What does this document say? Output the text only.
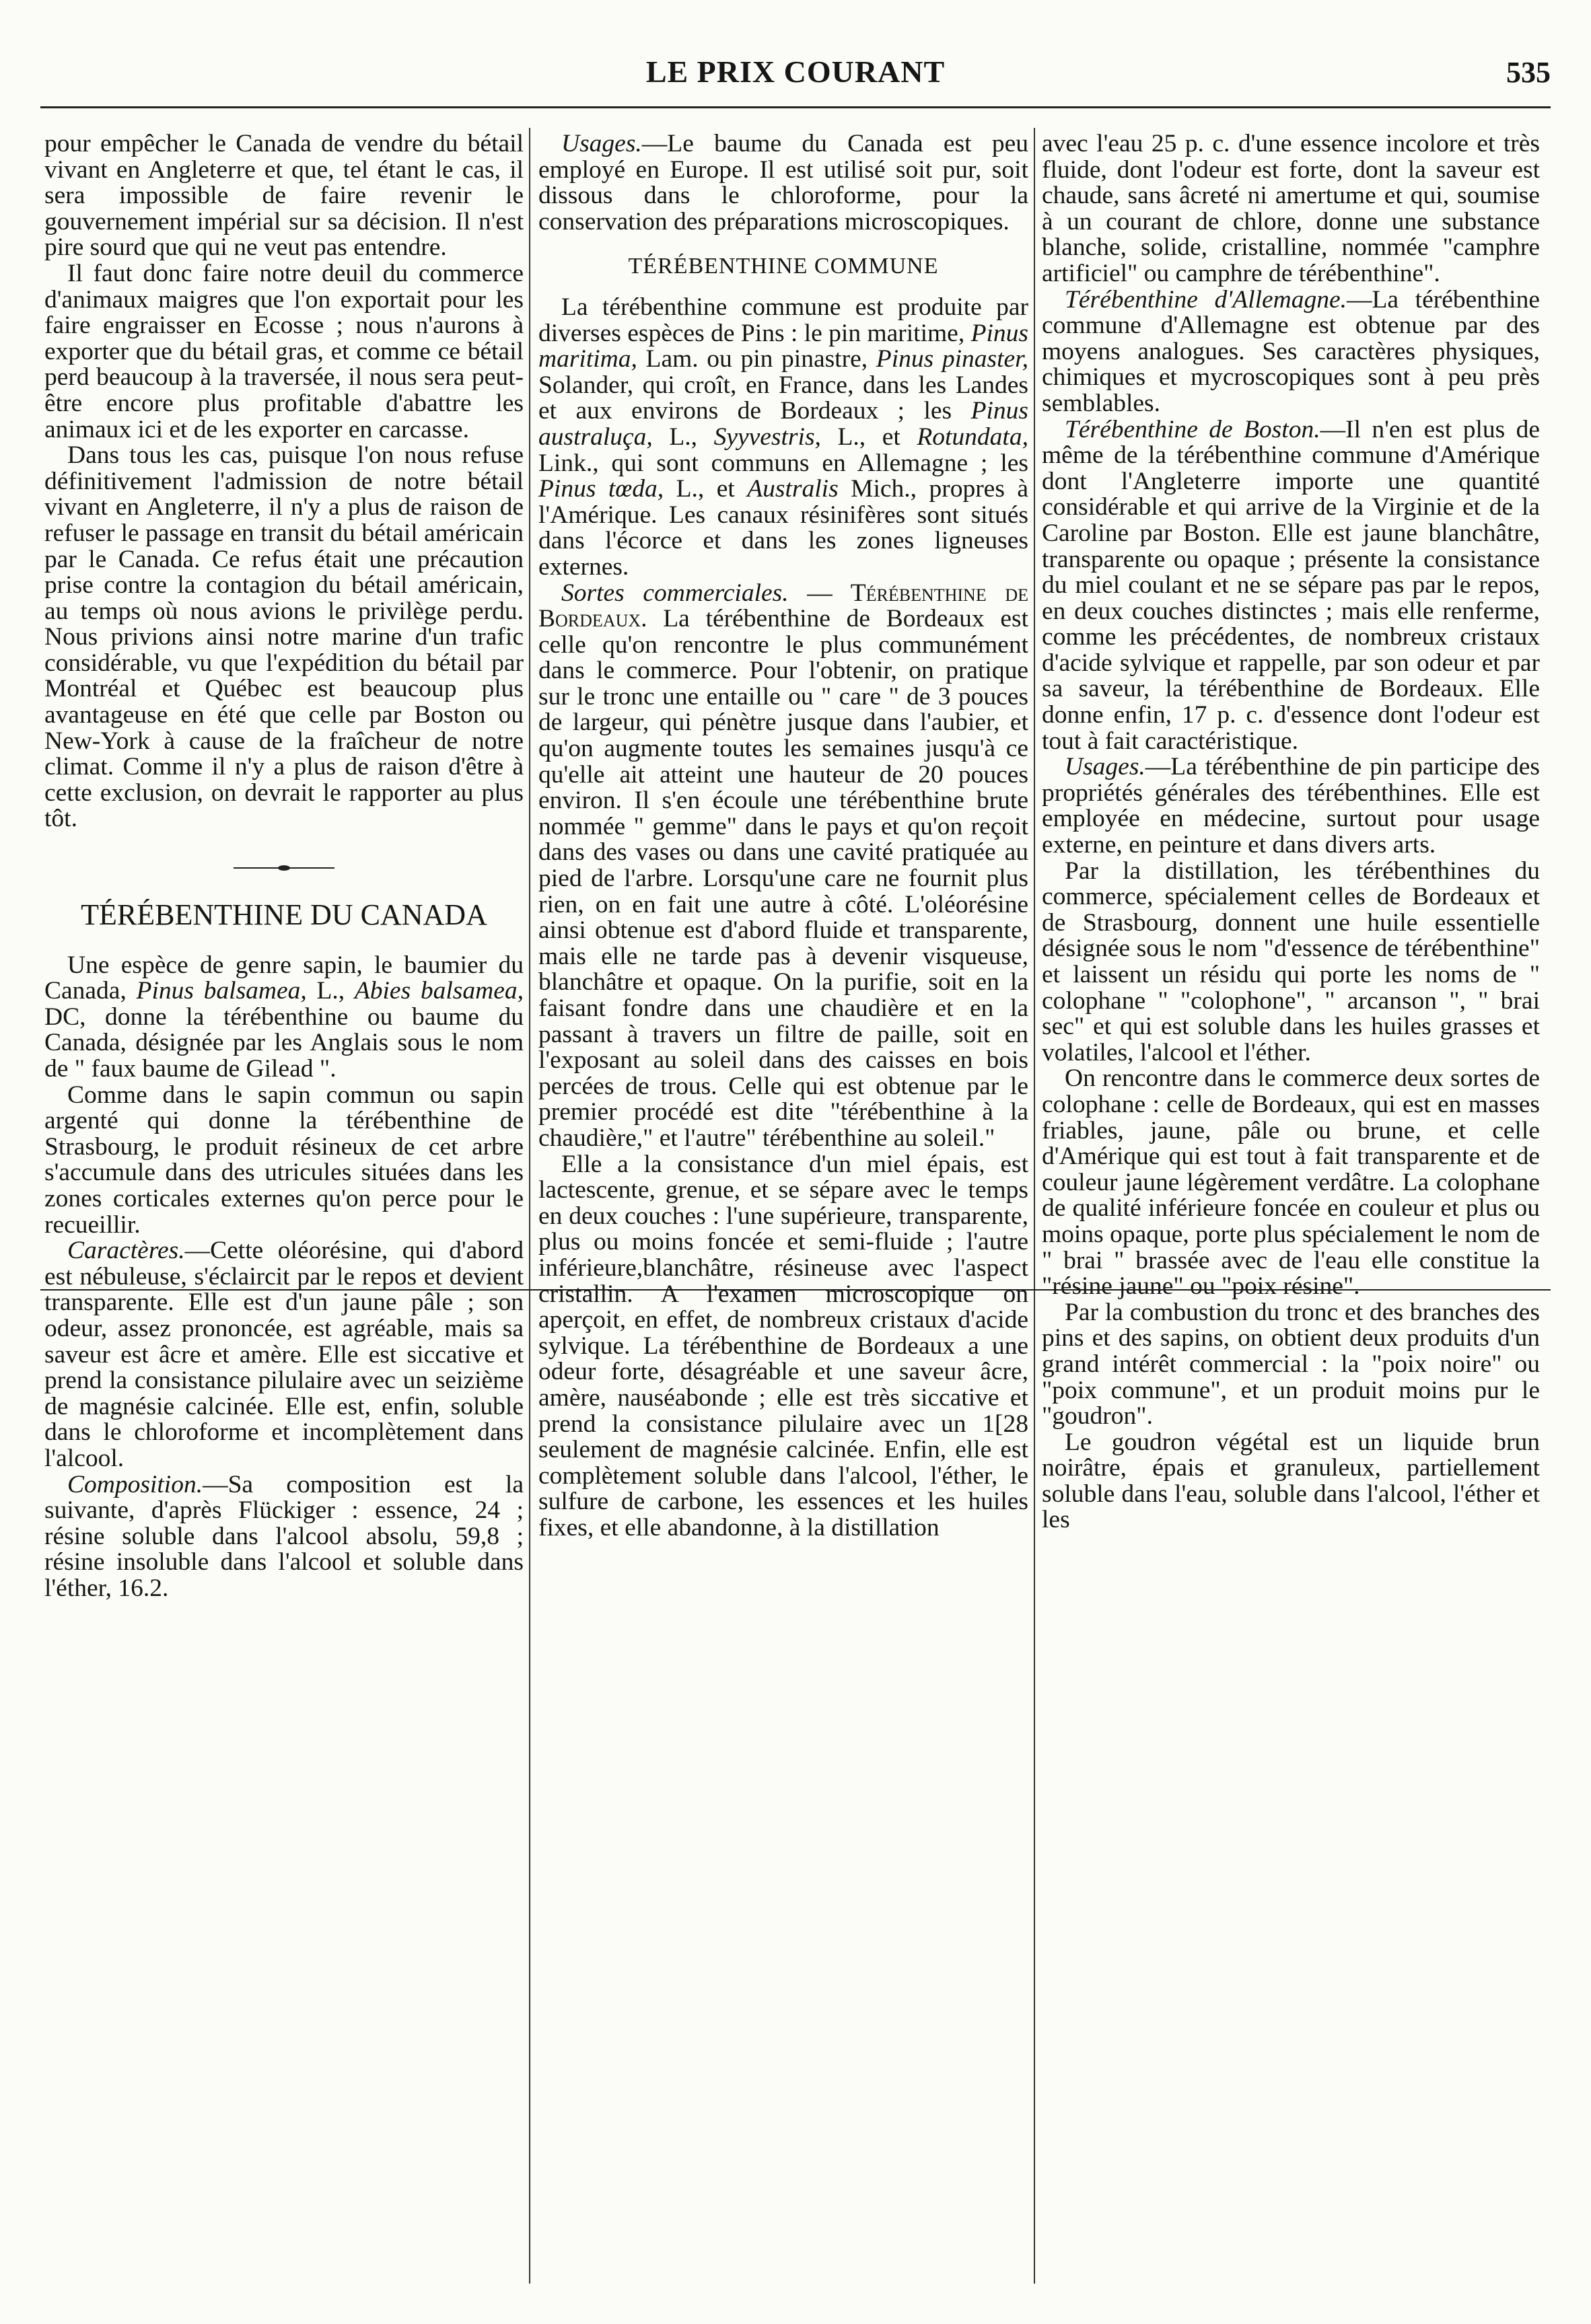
LE PRIX COURANT	535

pour empêcher le Canada de vendre du bétail vivant en Angleterre et que, tel étant le cas, il sera impossible de faire revenir le gouvernement impérial sur sa décision. Il n'est pire sourd que qui ne veut pas entendre.

Il faut donc faire notre deuil du commerce d'animaux maigres que l'on exportait pour les faire engraisser en Ecosse ; nous n'aurons à exporter que du bétail gras, et comme ce bétail perd beaucoup à la traversée, il nous sera peut-être encore plus profitable d'abattre les animaux ici et de les exporter en carcasse.

Dans tous les cas, puisque l'on nous refuse définitivement l'admission de notre bétail vivant en Angleterre, il n'y a plus de raison de refuser le passage en transit du bétail américain par le Canada. Ce refus était une précaution prise contre la contagion du bétail américain, au temps où nous avions le privilège perdu. Nous privions ainsi notre marine d'un trafic considérable, vu que l'expédition du bétail par Montréal et Québec est beaucoup plus avantageuse en été que celle par Boston ou New-York à cause de la fraîcheur de notre climat. Comme il n'y a plus de raison d'être à cette exclusion, on devrait le rapporter au plus tôt.

TÉRÉBENTHINE DU CANADA

Une espèce de genre sapin, le baumier du Canada, Pinus balsamea, L., Abies balsamea, DC, donne la térébenthine ou baume du Canada, désignée par les Anglais sous le nom de " faux baume de Gilead ".

Comme dans le sapin commun ou sapin argenté qui donne la térébenthine de Strasbourg, le produit résineux de cet arbre s'accumule dans des utricules situées dans les zones corticales externes qu'on perce pour le recueillir.

Caractères.—Cette oléorésine, qui d'abord est nébuleuse, s'éclaircit par le repos et devient transparente. Elle est d'un jaune pâle ; son odeur, assez prononcée, est agréable, mais sa saveur est âcre et amère. Elle est siccative et prend la consistance pilulaire avec un seizième de magnésie calcinée. Elle est, enfin, soluble dans le chloroforme et incomplètement dans l'alcool.

Composition.—Sa composition est la suivante, d'après Flückiger : essence, 24 ; résine soluble dans l'alcool absolu, 59,8 ; résine insoluble dans l'alcool et soluble dans l'éther, 16.2.

Usages.—Le baume du Canada est peu employé en Europe. Il est utilisé soit pur, soit dissous dans le chloroforme, pour la conservation des préparations microscopiques.

TÉRÉBENTHINE COMMUNE

La térébenthine commune est produite par diverses espèces de Pins : le pin maritime, Pinus maritima, Lam. ou pin pinastre, Pinus pinaster, Solander, qui croît, en France, dans les Landes et aux environs de Bordeaux ; les Pinus australuça, L., Syyvestris, L., et Rotundata, Link., qui sont communs en Allemagne ; les Pinus tœda, L., et Australis Mich., propres à l'Amérique. Les canaux résinifères sont situés dans l'écorce et dans les zones ligneuses externes.

Sortes commerciales. — Térébenthine de Bordeaux. La térébenthine de Bordeaux est celle qu'on rencontre le plus communément dans le commerce. Pour l'obtenir, on pratique sur le tronc une entaille ou " care " de 3 pouces de largeur, qui pénètre jusque dans l'aubier, et qu'on augmente toutes les semaines jusqu'à ce qu'elle ait atteint une hauteur de 20 pouces environ. Il s'en écoule une térébenthine brute nommée " gemme" dans le pays et qu'on reçoit dans des vases ou dans une cavité pratiquée au pied de l'arbre. Lorsqu'une care ne fournit plus rien, on en fait une autre à côté. L'oléorésine ainsi obtenue est d'abord fluide et transparente, mais elle ne tarde pas à devenir visqueuse, blanchâtre et opaque. On la purifie, soit en la faisant fondre dans une chaudière et en la passant à travers un filtre de paille, soit en l'exposant au soleil dans des caisses en bois percées de trous. Celle qui est obtenue par le premier procédé est dite "térébenthine à la chaudière," et l'autre" térébenthine au soleil."

Elle a la consistance d'un miel épais, est lactescente, grenue, et se sépare avec le temps en deux couches : l'une supérieure, transparente, plus ou moins foncée et semi-fluide ; l'autre inférieure,blanchâtre, résineuse avec l'aspect cristallin. A l'examen microscopique on aperçoit, en effet, de nombreux cristaux d'acide sylvique. La térébenthine de Bordeaux a une odeur forte, désagréable et une saveur âcre, amère, nauséabonde ; elle est très siccative et prend la consistance pilulaire avec un 1[28 seulement de magnésie calcinée. Enfin, elle est complètement soluble dans l'alcool, l'éther, le sulfure de carbone, les essences et les huiles fixes, et elle abandonne, à la distillation

avec l'eau 25 p. c. d'une essence incolore et très fluide, dont l'odeur est forte, dont la saveur est chaude, sans âcreté ni amertume et qui, soumise à un courant de chlore, donne une substance blanche, solide, cristalline, nommée "camphre artificiel" ou camphre de térébenthine".

Térébenthine d'Allemagne.—La térébenthine commune d'Allemagne est obtenue par des moyens analogues. Ses caractères physiques, chimiques et mycroscopiques sont à peu près semblables.

Térébenthine de Boston.—Il n'en est plus de même de la térébenthine commune d'Amérique dont l'Angleterre importe une quantité considérable et qui arrive de la Virginie et de la Caroline par Boston. Elle est jaune blanchâtre, transparente ou opaque ; présente la consistance du miel coulant et ne se sépare pas par le repos, en deux couches distinctes ; mais elle renferme, comme les précédentes, de nombreux cristaux d'acide sylvique et rappelle, par son odeur et par sa saveur, la térébenthine de Bordeaux. Elle donne enfin, 17 p. c. d'essence dont l'odeur est tout à fait caractéristique.

Usages.—La térébenthine de pin participe des propriétés générales des térébenthines. Elle est employée en médecine, surtout pour usage externe, en peinture et dans divers arts.

Par la distillation, les térébenthines du commerce, spécialement celles de Bordeaux et de Strasbourg, donnent une huile essentielle désignée sous le nom "d'essence de térébenthine" et laissent un résidu qui porte les noms de " colophane " "colophone", " arcanson ", " brai sec" et qui est soluble dans les huiles grasses et volatiles, l'alcool et l'éther.

On rencontre dans le commerce deux sortes de colophane : celle de Bordeaux, qui est en masses friables, jaune, pâle ou brune, et celle d'Amérique qui est tout à fait transparente et de couleur jaune légèrement verdâtre. La colophane de qualité inférieure foncée en couleur et plus ou moins opaque, porte plus spécialement le nom de " brai " brassée avec de l'eau elle constitue la "résine jaune" ou "poix résine".

Par la combustion du tronc et des branches des pins et des sapins, on obtient deux produits d'un grand intérêt commercial : la "poix noire" ou "poix commune", et un produit moins pur le "goudron".

Le goudron végétal est un liquide brun noirâtre, épais et granuleux, partiellement soluble dans l'eau, soluble dans l'alcool, l'éther et les
